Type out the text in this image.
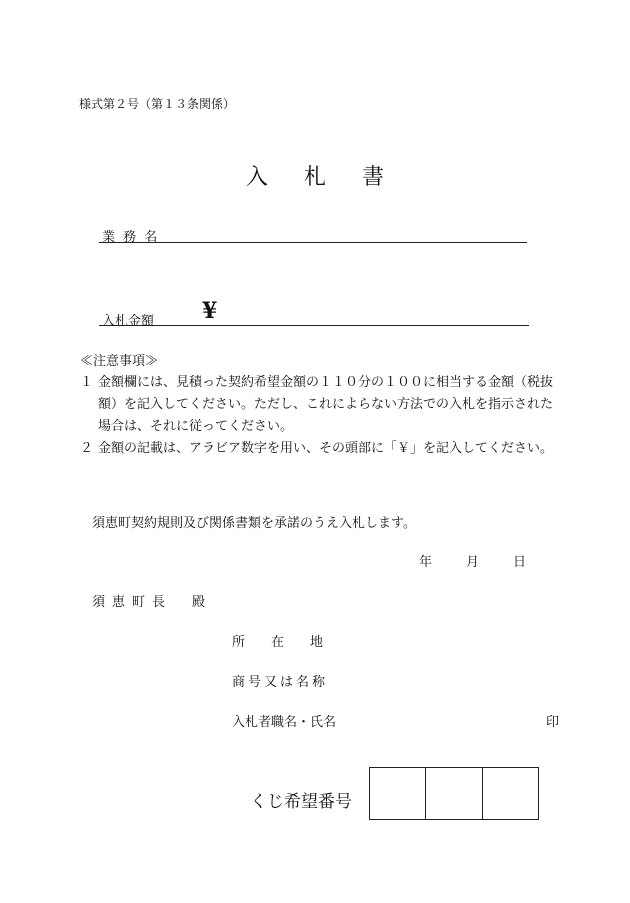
様式第２号（第１３条関係）
入札書
業 務 名
入札金額 ¥
≪注意事項≫
１ 金額欄には、見積った契約希望金額の１１０分の１００に相当する金額（税抜額）を記入してください。ただし、これによらない方法での入札を指示された場合は、それに従ってください。
２ 金額の記載は、アラビア数字を用い、その頭部に「￥」を記入してください。
須恵町契約規則及び関係書類を承諾のうえ入札します。
年	月	日
須恵町長　殿
所　　在　　地
商号又は名称
入札者職名・氏名	印
くじ希望番号
